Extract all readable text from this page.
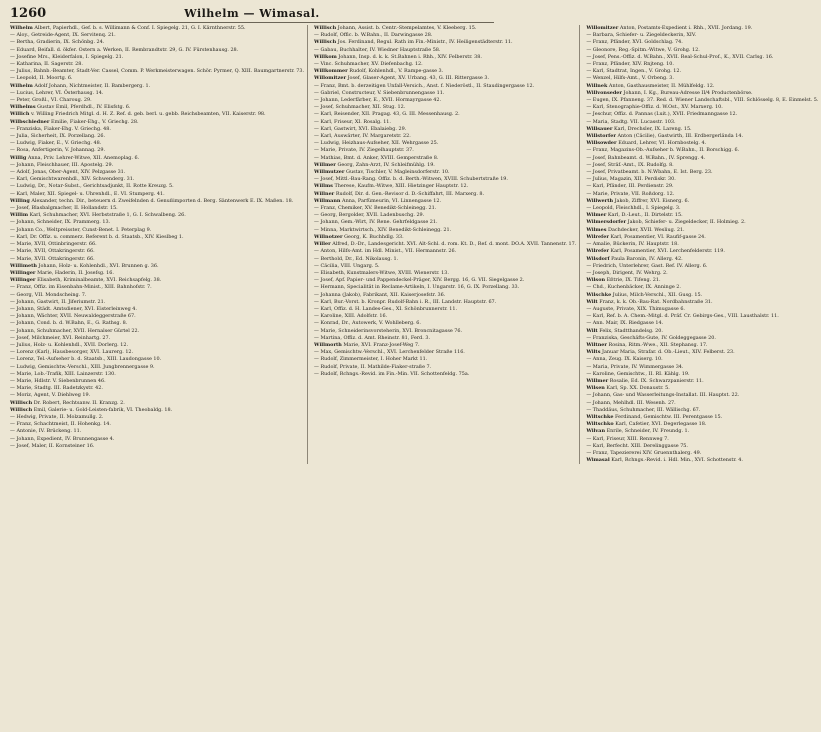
1260	Wilhelm — Wimasal.
Wilhelm Albert, Papierhdl., Gef. b. s. Willimann & Conf. I. Spiegelg. 21, G. I. Kärnthnerstr. 55.
— Aloy., Getreide-Agent, IX. Servitenq. 21.
— Bertha, Gradierin, IX. Schönbg. 24.
— Eduard, Beifall. d. ökfer. Ostern a. Werken, II. Rembrandtstr. 29, G. IV. Fürstenhausg. 28.
— Josefine Mrs., Kleiderfalon, I. Spiegelg. 21.
— Katharina, II. Sagerstr. 28.
— Julius, Bahnb.-Beamter, Stadt-Ver. Cassel, Comm. P. Werkmeisterwagen. Schör. Pyrmer, Q. XIII. Baumgartnerstr. 73.
— Leopold, II. Moortg. 6.
Wilhelm Adolf Johann, Nichtmeister, II. Bambergerg. 1.
— Lucius, Lehrer, VI. Österhausg. 14.
— Peter, Großl., VI. Charoug. 29.
Wilhelms Gustav Emil, Pferdhdl., IV. Elisfstg. 6.
Willich v. Willing Friedrich Mitgl. d. H. Z. Ref. d. geb. berl. u. gebb. Reichsbeamten, VII. Kaiserstr. 98.
Wilbschiedner Emilie, Fiaker-Ehg., V. Griechg. 28.
— Franziska, Fiaker-Ehg. V. Griechg. 48.
— Julia, Sicherheit, IX. Porzellang. 26.
— Ludwig, Fiaker, E., V. Griechg. 48.
— Rosa, Anfertigerin, V. Johannag. 29.
Willig Anna, Priv. Lehrer-Witwe, XII. Anemoplag. 6.
— Johann, Fleischhauer, III. Apostelg. 29.
— Adolf, Jonas, Ober-Agent, XIV. Pelzgasse 31.
— Karl, Gemischtwarenhdl., XIV. Schwenderg. 31.
— Ludwig, Dr., Notar-Subst., Gerichtsadjunkt, II. Rotte Kreuzg. 5.
— Karl, Maler, XII. Spiegel- u. Uhrenhdl., E. VI. Stumperg. 41.
Willing Alexander, techn. Dir., beteuern d. Zweifelnden d. Genußimporten d. Berg. Säntenwerk E. IX. Maßen. 18.
— Josef, Blasbalgmacher, II. Hollandstr. 15.
Willim Karl, Schuhmacher, XVI. Herbststraße 1, G. I. Schwalbeng. 26.
— Johann, Schneider, IX. Prammerg. 13.
— Johann Co., Weltpreisster, Cunst-Benet. I. Peterplag 9.
— Karl, Dr. Offiz. u. commerz. Referent b. d. Staatsb., XIV. Kieslbeg 1.
— Marie, XVII, Ottinbringerstr. 66.
— Marie, XVII, Ottakringerstr. 66.
— Marie, XVII. Ottakringerstr. 66.
Willimeth Johann, Holz- u. Kohlenhdl., XVI. Brunnen g. 36.
Willinger Marie, Haderin, II. Josefsg. 16.
Willinger Elisabeth, Kriminalbeamte, XVI. Reichsapfelg. 38.
— Franz, Offiz. im Eisenbahn-Minist., XIII. Bahnhofstr. 7.
— Georg, VII. Mondscheing. 7.
— Johann, Gastwirt, II. Jiferiumstr. 21.
— Johann, Städt. Amtsdiener, XVI. Eisterleinweg 4.
— Johann, Wächter, XVII. Neuwaldeggerstraße 67.
— Johann, Cond. b. d. W.Bahn, E., G. Rathsg. 8.
— Johann, Schuhmacher, XVII. Hernalser Gürtel 22.
— Josef, Milchmeier, XVI. Reinhartg. 27.
— Julius, Holz- u. Kohlenhdl., XVII. Dorlerg. 12.
— Lorenz (Karl), Hausbesorger, XVI. Laurerg. 12.
— Lorenz, Tel.-Aufseher b. d. Staatsb., XIII. Laudongasse 10.
— Ludwig, Gemischtw.-Verschl., XIII. Jungbrennergasse 9.
— Marie, Lob.-Trafik, XIII. Lainzerstr. 130.
— Marie, Hdlstr. V. Siebenbrunnen 46.
— Marie, Stadtg. III. Radetzkystr. 42.
— Moriz, Agent, V. Diehlweg 19.
Willisch Dr. Robert, Rechtsanw. II. Kranzg. 2.
Willisch Emil, Galerie- u. Gold-Leisten-fabrik, VI. Theobaldg. 18.
— Hedwig, Private, II. Molzamullg. 2.
— Franz, Schachtmeist, II. Hohenkg. 14.
— Antonie, IV. Brückeng. 11.
— Johann, Expedient, IV. Brunnengasse 4.
— Josef, Maler, II. Kornsteiner 16.
Willisch Johann, Assist. b. Centr.-Stempelamtes, V. Kleeberg. 15.
— Rudolf, Offic. b. W.Bahn., II. Darwingasse 28.
Willisch Jos. Ferdinand, Regul. Rath im Fin.-Ministr., IV. Heiligenstädterstr. 11.
— Gabau, Buchhalter, IV. Wiedner Hauptstraße 58.
Willkom Johann, Insp. d. k. k. St.Bahnen i. Rhh., XIV. Felberstr. 38.
— Vinc. Schuhmacher, XV. Diefenbachg. 12.
Willkommer Rudolf, Kohlenhdl., V. Rampe-gasse 3.
Willomitzer Josef, Glaser-Agent, XV. Urbang. 43, G. III. Rittergasse 3.
— Franz, Bmt. b. derzeitigen Unfall-Versich., Anst. f. Niederöstl., II. Staudingergasse 12.
— Gabriel, Constructeur, V. Siebenbrunnengasse 11.
— Johann, Lederfärber, E., XVII. Hormayrgasse 42.
— Josef, Schuhmacher, XII. Stug. 12.
— Karl, Reisender, XII. Pragag. 43, G. III. Messenhausg. 2.
— Karl, Friseur, XI. Rosalg. 11.
— Karl, Gastwirt, XVI. Ebalaiebg. 29.
— Karl, Auswärter, IV. Margaretstr. 22.
— Ludwig, Heizhaus-Aufseher, XII. Wehrgasse 25.
— Marie, Private, IV. Ziegelhauptstr. 37.
— Mathias, Bmt. d. Anker, XVIII. Gemperstraße 8.
Willmer Georg, Zahn-Arzt, IV. Schleifmühlg. 19.
Willmutzer Gustav, Tischler, V. Magleinsdorferstr. 10.
— Josef, Mittl.-Bau-Rang. Offiz. b. d. Berth.-Witwen, XVIII. Schubertstraße 19.
Willms Therese, Kaufm.-Witwe, XIII. Hietzinger Hauptstr. 12.
Willner Rudolf, Dir. d. Gen.-Revisor d. D.-Schiffahrt, III. Marxerg. 8.
Willmann Anna, Parfümeurin, VI. Linnengasse 12.
— Franz, Chemiker, XV. Benedikt-Schleinegg. 21.
— Georg, Bergolder, XVII. Ladenbuschg. 29.
— Johann, Gem.-Wirt, IV. Rene. Gehrfeldgasse 21.
— Minna, Marktwirtsch., XIV. Benedikt-Schleinegg. 21.
Willnotzer Georg, K. Buchhdlg. 33.
Willer Alfred, D.-Dr., Landesgericht. XVI. Alt-Schl. d. rom. Kt. D., Ref. d. mont. DO.A. XVII. Tannenstr. 17.
— Anton, Hilfs-Amt. im Hdl. Minist., VII. Hermannstr. 26.
— Berthold, Dr., Ed. Nikolausg. 1.
— Cäcilia, VIII. Ungarg. 5.
— Elisabeth, Kunstmalers-Witwe, XVIII. Wienerstr. 13.
— Josef, Apf. Papier- und Pappendeckel-Präger, XIV. Bergg. 16, G. VII. Siegelgasse 2.
— Hermann, Specialität in Reclame-Artikeln, I. Ungarstr. 16, G. IX. Porzellang. 33.
— Johanna (Jakob), Fabrikant, XII. Kaiserjosefstr. 36.
— Karl, Bur.-Vorst. b. Kronpr. Rudolf-Bahn i. R., III. Landstr. Hauptstr. 67.
— Karl, Offiz. d. H. Landes-Ges., XI. Schönbrunnerstr. 11.
— Karoline, XIII. Adolfstr. 16.
— Konrad, Dr., Autowerk, V. Wohlleberg. 6.
— Marie, Schneiderinsvorsteherin, XVI. Broncnitagasse 76.
— Martina, Offiz. d. Amt. Rheinstr. 81, Ferd. 3.
Willmorth Marie, XVI. Franz-Josef-Weg 7.
— Max, Gemischtw.-Verschl., XVI. Lerchenfelder Straße 116.
— Rudolf, Zimmermeister, I. Hoher Markt 11.
— Rudolf, Private, II. Mathilde-Fiaker-straße 7.
— Rudolf, Rchngs.-Revid. im Fin.-Min. VII. Schottenfeldg. 75a.
Willomitzer Anton, Postamts-Expedient i. Rhh., XVII. Jordang. 19.
— Barbara, Schiefer- u. Ziegeldeckerin, XIV.
— Franz, Pfänder, XVI. Goldschlag. 74.
— Gleonore, Reg.-Spitm.-Witwe, V. Grohg. 12.
— Josef, Pens.-Offiz. d. W.Bahn., XVII. Real-Schul-Prof., K., XVII. Carlsg. 16.
— Franz, Pfänder, XIV. Rnjteng. 10.
— Karl, Stadtrat, Ingen., V. Grohg. 12.
— Wenzel, Hilfs-Amt., V. Orbeng. 3.
Willnek Anton, Gasthausmeister, II. Mühlfeldg. 12.
Willvonseder Johann, I. Kg., Bureau-Adresse II/4 Productenbörse.
— Eugen, IX. Pfanneng. 37. Red. d. Wiener Landschaftsbl., VIII. Schlösselg. 8, E. Einmelst. 5.
— Karl, Stenographie-Offiz. d. W.Ost., XV. Marxerg. 10.
— Jeschur, Offiz. d. Pannas (Luit.), XVII. Friedmanngasse 12.
— Maria, Stadtg. VII. Lucasstr. 103.
Willsauer Karl, Drechsler, IX. Lareng. 15.
Willstorfer Anton (Cäcilie), Gastwirth, III. Erdbergerlända 14.
Willsowder Eduard, Lehrer, VI. Hornbostelg. 4.
— Franz, Magazins-Ob.-Aufseher b. W.Bahn., II. Borschigg. 6.
— Josef, Bahnbeamt. d. W.Bahn., IV. Sprengg. 4.
— Josef, Sträf.-Amt., IX. Rudolfg. 8.
— Josef, Privatbeamt. b. N.Wbahn, E. Ist. Berg. 23.
— Julius, Magazin, XII. Perdiskr. 30.
— Karl, Pfänder, III. Perdienstr. 29.
— Marie, Private, VII. Roßdorg. 12.
Willwerth Jakob, Ziffrer, XVI. Eisnerg. 6.
— Leopold, Fleischhdl., I. Spiegelg. 3.
Wilmer Karl, D.-Leut., II. Dirtelstr. 15.
Wilmersdorfer Jakob, Schiefer- u. Ziegeldecker, II. Holmieg. 2.
Wilmes Dachdecker, XVII. Wesliug. 21.
Wilrefer Karl, Posamentier, VI. Raufif-gasse 24.
— Amalie, Bückerin, IV. Hauptstr. 18.
Wilrefer Karl, Posamentier, XVI. Lerchenfelderstr. 119.
Wilsdorf Paula Baronin, IV. Allerg. 42.
— Friedrich, Unterlehrer, Gast. Ref. IV. Allerg. 6.
— Joseph, Dirigent, IV. Wehrg. 2.
Wilson Eßtrie, IX. Tifeng. 21.
— Chd., Kuchenbäcker, IX. Anninge 2.
Wilschke Julius, Milch-Verschl., XII. Gusg. 15.
Wilt Franz, k. k. Ob.-Bau-Rat. Nordbahnstraße 31.
— Auguste, Private, XIX. Thimugasse 6.
— Karl, Ref. b. A. Chem.-Mitgl. d. Präf. Cr. Gebirgs-Ges., VIII. Lausthalstr. 11.
— Ann. Mair, IX. Riedgasse 14.
Wilt Felix, Stadtthandelsg. 20.
— Franziska, Geschäfts-Gute, IV. Goldeggegasse 20.
Wiltner Rosina, Ritm.-Wwe., XII. Stephansg. 17.
Wilts Januar Maria, Strafar. d. Ob.-Lieut., XIV. Felberst. 23.
— Anna, Zeug. IX. Kaiserg. 10.
— Maria, Private, IV. Wimmergasse 34.
— Karoline, Gemischtw., II. RI. Kählg. 19.
Willmer Rosalie, Ed. IX. Schwarzpanierstr. 11.
Wilsen Karl, Sp. XX. Donaustr. 5.
— Johann, Gas- und Wasserleitungs-Installat. III. Hauptst. 22.
— Johann, Mehlhdl. III. Wesenh. 27.
— Thaddäus, Schuhmacher, III. Wällischg. 67.
Wiltschke Ferdinand, Gemischtw. III. Perentgasse 15.
Wiltschko Karl, Cafetier, XVI. Degerlegasse 18.
Wilvan Enrile, Schneider, IV. Freundg. 1.
— Karl, Friseur, XIII. Rennweg 7.
— Karl, Berfecht. XIII. Derelinggasse 75.
— Franz, Tapeziererei XIV. Gruennthalerg. 49.
Wimasal Karl, Rchngs.-Revid. i. Hdl. Min., XVI. Schottenstr. 4.
